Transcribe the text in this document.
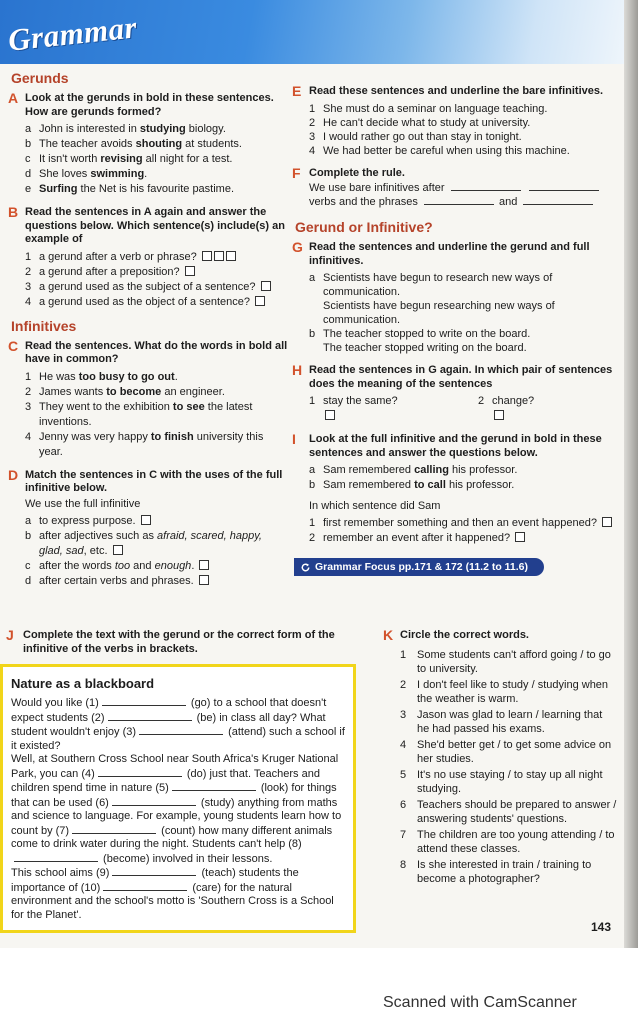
Grammar
Gerunds
A Look at the gerunds in bold in these sentences. How are gerunds formed?
a John is interested in studying biology.
b The teacher avoids shouting at students.
c It isn't worth revising all night for a test.
d She loves swimming.
e Surfing the Net is his favourite pastime.
B Read the sentences in A again and answer the questions below. Which sentence(s) include(s) an example of
1 a gerund after a verb or phrase?
2 a gerund after a preposition?
3 a gerund used as the subject of a sentence?
4 a gerund used as the object of a sentence?
Infinitives
C Read the sentences. What do the words in bold all have in common?
1 He was too busy to go out.
2 James wants to become an engineer.
3 They went to the exhibition to see the latest inventions.
4 Jenny was very happy to finish university this year.
D Match the sentences in C with the uses of the full infinitive below.
We use the full infinitive
a to express purpose.
b after adjectives such as afraid, scared, happy, glad, sad, etc.
c after the words too and enough.
d after certain verbs and phrases.
E Read these sentences and underline the bare infinitives.
1 She must do a seminar on language teaching.
2 He can't decide what to study at university.
3 I would rather go out than stay in tonight.
4 We had better be careful when using this machine.
F Complete the rule.
We use bare infinitives after   verbs and the phrases	and
Gerund or Infinitive?
G Read the sentences and underline the gerund and full infinitives.
a Scientists have begun to research new ways of communication.
Scientists have begun researching new ways of communication.
b The teacher stopped to write on the board.
The teacher stopped writing on the board.
H Read the sentences in G again. In which pair of sentences does the meaning of the sentences
1 stay the same?	2 change?
I	Look at the full infinitive and the gerund in bold in these sentences and answer the questions below.
a Sam remembered calling his professor.
b Sam remembered to call his professor.
In which sentence did Sam
1 first remember something and then an event happened?
2 remember an event after it happened?
Grammar Focus pp.171 & 172 (11.2 to 11.6)
J Complete the text with the gerund or the correct form of the infinitive of the verbs in brackets.
Nature as a blackboard

Would you like (1)	(go) to a school that doesn't expect students (2)	(be) in class all day? What student wouldn't enjoy (3)	(attend) such a school if it existed?

Well, at Southern Cross School near South Africa's Kruger National Park, you can (4)	(do) just that. Teachers and children spend time in nature (5)	(look) for things that can be used (6)	(study) anything from maths and science to language. For example, young students learn how to count by (7)	(count) how many different animals come to drink water during the night. Students can't help (8) (become) involved in their lessons.

This school aims (9)	(teach) students the importance of (10)	(care) for the natural environment and the school's motto is 'Southern Cross is a School for the Planet'.

K Circle the correct words.
1 Some students can't afford going / to go to university.
2 I don't feel like to study / studying when the weather is warm.
3 Jason was glad to learn / learning that he had passed his exams.
4 She'd better get / to get some advice on her studies.
5 It's no use staying / to stay up all night studying.
6 Teachers should be prepared to answer / answering students' questions.
7 The children are too young attending / to attend these classes.
8 Is she interested in train / training to become a photographer?
143
Scanned with CamScanner
